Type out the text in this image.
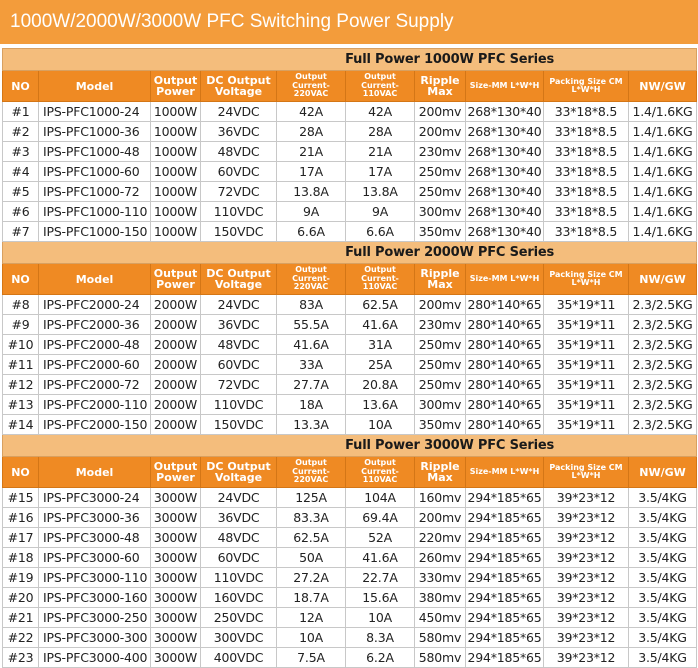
1000W/2000W/3000W PFC Switching Power Supply
Full Power 1000W PFC Series									
NO	Model	Output Power	DC Output Voltage	Output Current-220VAC	Output Current-110VAC	Ripple Max	Size-MM L*W*H	Packing Size CM L*W*H	NW/GW
#1	IPS-PFC1000-24	1000W	24VDC	42A	42A	200mv	268*130*40	33*18*8.5	1.4/1.6KG
#2	IPS-PFC1000-36	1000W	36VDC	28A	28A	200mv	268*130*40	33*18*8.5	1.4/1.6KG
#3	IPS-PFC1000-48	1000W	48VDC	21A	21A	230mv	268*130*40	33*18*8.5	1.4/1.6KG
#4	IPS-PFC1000-60	1000W	60VDC	17A	17A	250mv	268*130*40	33*18*8.5	1.4/1.6KG
#5	IPS-PFC1000-72	1000W	72VDC	13.8A	13.8A	250mv	268*130*40	33*18*8.5	1.4/1.6KG
#6	IPS-PFC1000-110	1000W	110VDC	9A	9A	300mv	268*130*40	33*18*8.5	1.4/1.6KG
#7	IPS-PFC1000-150	1000W	150VDC	6.6A	6.6A	350mv	268*130*40	33*18*8.5	1.4/1.6KG
Full Power 2000W PFC Series									
NO	Model	Output Power	DC Output Voltage	Output Current-220VAC	Output Current-110VAC	Ripple Max	Size-MM L*W*H	Packing Size CM L*W*H	NW/GW
#8	IPS-PFC2000-24	2000W	24VDC	83A	62.5A	200mv	280*140*65	35*19*11	2.3/2.5KG
#9	IPS-PFC2000-36	2000W	36VDC	55.5A	41.6A	230mv	280*140*65	35*19*11	2.3/2.5KG
#10	IPS-PFC2000-48	2000W	48VDC	41.6A	31A	250mv	280*140*65	35*19*11	2.3/2.5KG
#11	IPS-PFC2000-60	2000W	60VDC	33A	25A	250mv	280*140*65	35*19*11	2.3/2.5KG
#12	IPS-PFC2000-72	2000W	72VDC	27.7A	20.8A	250mv	280*140*65	35*19*11	2.3/2.5KG
#13	IPS-PFC2000-110	2000W	110VDC	18A	13.6A	300mv	280*140*65	35*19*11	2.3/2.5KG
#14	IPS-PFC2000-150	2000W	150VDC	13.3A	10A	350mv	280*140*65	35*19*11	2.3/2.5KG
Full Power 3000W PFC Series									
NO	Model	Output Power	DC Output Voltage	Output Current-220VAC	Output Current-110VAC	Ripple Max	Size-MM L*W*H	Packing Size CM L*W*H	NW/GW
#15	IPS-PFC3000-24	3000W	24VDC	125A	104A	160mv	294*185*65	39*23*12	3.5/4KG
#16	IPS-PFC3000-36	3000W	36VDC	83.3A	69.4A	200mv	294*185*65	39*23*12	3.5/4KG
#17	IPS-PFC3000-48	3000W	48VDC	62.5A	52A	220mv	294*185*65	39*23*12	3.5/4KG
#18	IPS-PFC3000-60	3000W	60VDC	50A	41.6A	260mv	294*185*65	39*23*12	3.5/4KG
#19	IPS-PFC3000-110	3000W	110VDC	27.2A	22.7A	330mv	294*185*65	39*23*12	3.5/4KG
#20	IPS-PFC3000-160	3000W	160VDC	18.7A	15.6A	380mv	294*185*65	39*23*12	3.5/4KG
#21	IPS-PFC3000-250	3000W	250VDC	12A	10A	450mv	294*185*65	39*23*12	3.5/4KG
#22	IPS-PFC3000-300	3000W	300VDC	10A	8.3A	580mv	294*185*65	39*23*12	3.5/4KG
#23	IPS-PFC3000-400	3000W	400VDC	7.5A	6.2A	580mv	294*185*65	39*23*12	3.5/4KG
